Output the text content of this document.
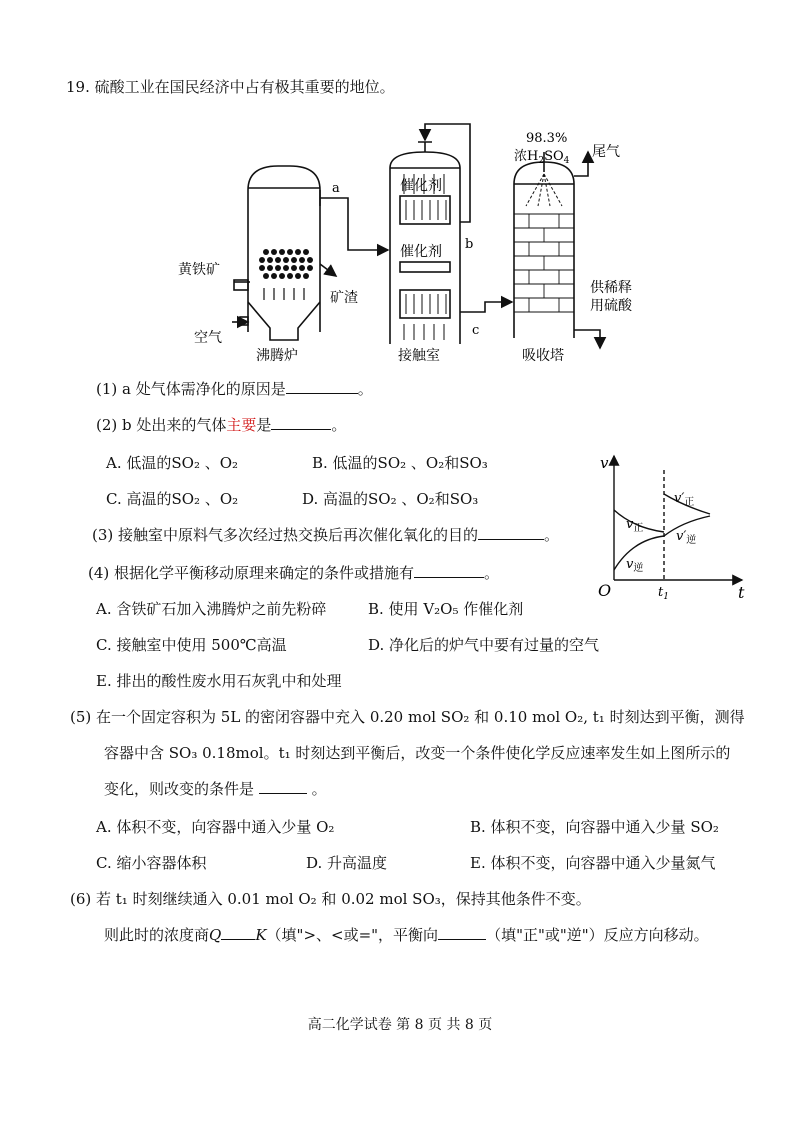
19. 硫酸工业在国民经济中占有极其重要的地位。
a
b
c
催化剂
催化剂
98.3%
浓$H_2SO_4$
尾气
黄铁矿
矿渣
空气
供稀释
用硫酸
沸腾炉	接触室	吸收塔
v
t
O	$t_1$
$v_正$
$v_逆$
$v'_正$
$v'_逆$
(1) a 处气体需净化的原因是	。
(2) b 处出来的气体主要是	。
A. 低温的SO₂ 、O₂	B. 低温的SO₂ 、O₂和SO₃
C. 高温的SO₂ 、O₂	D. 高温的SO₂ 、O₂和SO₃
(3) 接触室中原料气多次经过热交换后再次催化氧化的目的	。
(4) 根据化学平衡移动原理来确定的条件或措施有	。
A. 含铁矿石加入沸腾炉之前先粉碎	B. 使用 V₂O₅ 作催化剂
C. 接触室中使用 500℃高温	D. 净化后的炉气中要有过量的空气
E. 排出的酸性废水用石灰乳中和处理
(5) 在一个固定容积为 5L 的密闭容器中充入 0.20 mol SO₂ 和 0.10 mol O₂, t₁ 时刻达到平衡，测得
容器中含 SO₃ 0.18mol。t₁ 时刻达到平衡后，改变一个条件使化学反应速率发生如上图所示的
变化，则改变的条件是	。
A. 体积不变，向容器中通入少量 O₂	B. 体积不变，向容器中通入少量 SO₂
C. 缩小容器体积	D. 升高温度	E. 体积不变，向容器中通入少量氮气
(6) 若 t₁ 时刻继续通入 0.01 mol O₂ 和 0.02 mol SO₃，保持其他条件不变。
则此时的浓度商Q K（填">、<或="，平衡向	（填"正"或"逆"）反应方向移动。
高二化学试卷 第 8 页 共 8 页
